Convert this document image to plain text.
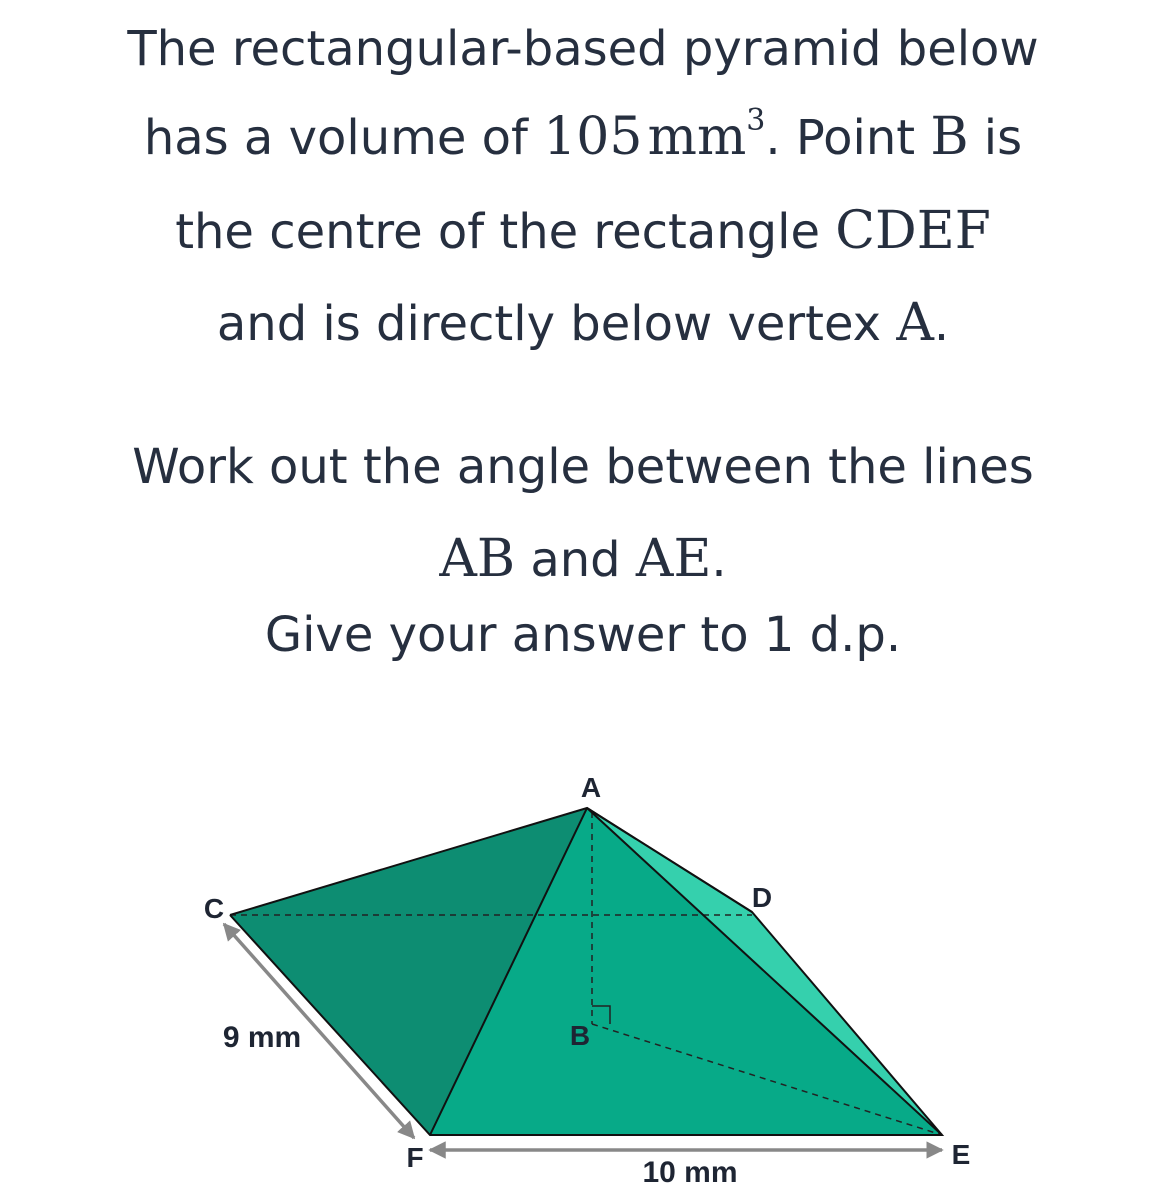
The rectangular-based pyramid below
has a volume of 105 $mm^3$. Point B is
the centre of the rectangle CDEF
and is directly below vertex A.
Work out the angle between the lines
AB and AE.
Give your answer to 1 d.p.
A
B
C	D
E
F
9 mm
10 mm
